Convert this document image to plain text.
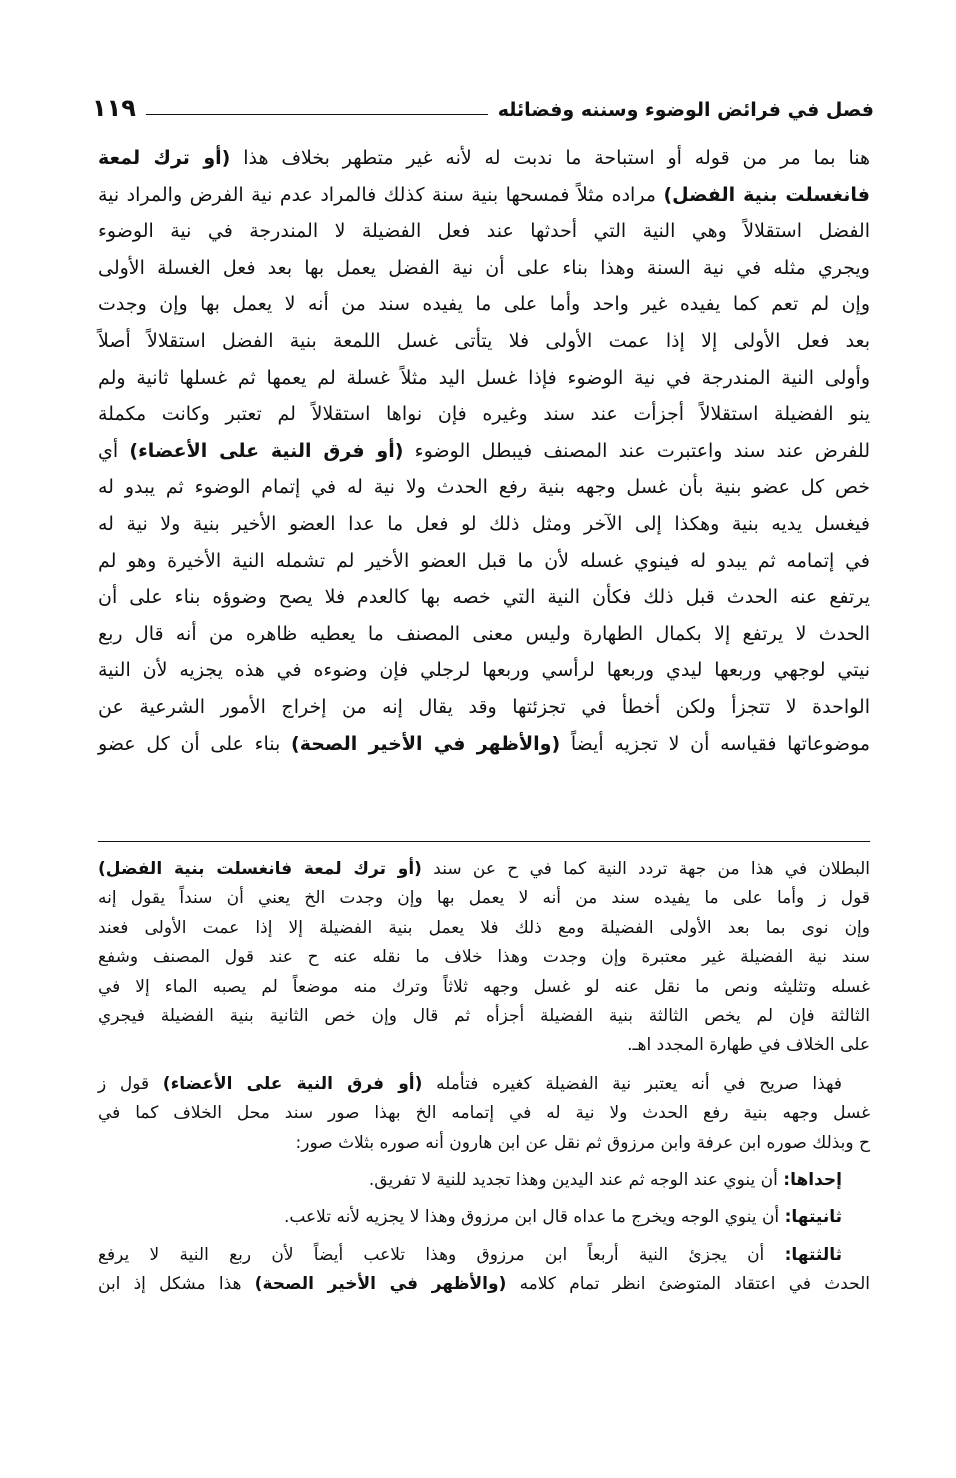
فصل في فرائض الوضوء وسننه وفضائله
١١٩

هنا بما مر من قوله أو استباحة ما ندبت له لأنه غير متطهر بخلاف هذا (أو ترك لمعة

فانغسلت بنية الفضل) مراده مثلاً فمسحها بنية سنة كذلك فالمراد عدم نية الفرض والمراد نية

الفضل استقلالاً وهي النية التي أحدثها عند فعل الفضيلة لا المندرجة في نية الوضوء

ويجري مثله في نية السنة وهذا بناء على أن نية الفضل يعمل بها بعد فعل الغسلة الأولى

وإن لم تعم كما يفيده غير واحد وأما على ما يفيده سند من أنه لا يعمل بها وإن وجدت

بعد فعل الأولى إلا إذا عمت الأولى فلا يتأتى غسل اللمعة بنية الفضل استقلالاً أصلاً

وأولى النية المندرجة في نية الوضوء فإذا غسل اليد مثلاً غسلة لم يعمها ثم غسلها ثانية ولم

ينو الفضيلة استقلالاً أجزأت عند سند وغيره فإن نواها استقلالاً لم تعتبر وكانت مكملة

للفرض عند سند واعتبرت عند المصنف فيبطل الوضوء (أو فرق النية على الأعضاء) أي

خص كل عضو بنية بأن غسل وجهه بنية رفع الحدث ولا نية له في إتمام الوضوء ثم يبدو له

فيغسل يديه بنية وهكذا إلى الآخر ومثل ذلك لو فعل ما عدا العضو الأخير بنية ولا نية له

في إتمامه ثم يبدو له فينوي غسله لأن ما قبل العضو الأخير لم تشمله النية الأخيرة وهو لم

يرتفع عنه الحدث قبل ذلك فكأن النية التي خصه بها كالعدم فلا يصح وضوؤه بناء على أن

الحدث لا يرتفع إلا بكمال الطهارة وليس معنى المصنف ما يعطيه ظاهره من أنه قال ربع

نيتي لوجهي وربعها ليدي وربعها لرأسي وربعها لرجلي فإن وضوءه في هذه يجزيه لأن النية

الواحدة لا تتجزأ ولكن أخطأ في تجزئتها وقد يقال إنه من إخراج الأمور الشرعية عن

موضوعاتها فقياسه أن لا تجزيه أيضاً (والأظهر في الأخير الصحة) بناء على أن كل عضو

البطلان في هذا من جهة تردد النية كما في ح عن سند (أو ترك لمعة فانغسلت بنية الفضل)

قول ز وأما على ما يفيده سند من أنه لا يعمل بها وإن وجدت الخ يعني أن سنداً يقول إنه

وإن نوى بما بعد الأولى الفضيلة ومع ذلك فلا يعمل بنية الفضيلة إلا إذا عمت الأولى فعند

سند نية الفضيلة غير معتبرة وإن وجدت وهذا خلاف ما نقله عنه ح عند قول المصنف وشفع

غسله وتثليثه ونص ما نقل عنه لو غسل وجهه ثلاثاً وترك منه موضعاً لم يصبه الماء إلا في

الثالثة فإن لم يخص الثالثة بنية الفضيلة أجزأه ثم قال وإن خص الثانية بنية الفضيلة فيجري

على الخلاف في طهارة المجدد اهـ.

فهذا صريح في أنه يعتبر نية الفضيلة كغيره فتأمله (أو فرق النية على الأعضاء) قول ز

غسل وجهه بنية رفع الحدث ولا نية له في إتمامه الخ بهذا صور سند محل الخلاف كما في

ح وبذلك صوره ابن عرفة وابن مرزوق ثم نقل عن ابن هارون أنه صوره بثلاث صور:

إحداها: أن ينوي عند الوجه ثم عند اليدين وهذا تجديد للنية لا تفريق.

ثانيتها: أن ينوي الوجه ويخرج ما عداه قال ابن مرزوق وهذا لا يجزيه لأنه تلاعب.

ثالثتها: أن يجزئ النية أربعاً ابن مرزوق وهذا تلاعب أيضاً لأن ربع النية لا يرفع

الحدث في اعتقاد المتوضئ انظر تمام كلامه (والأظهر في الأخير الصحة) هذا مشكل إذ ابن
